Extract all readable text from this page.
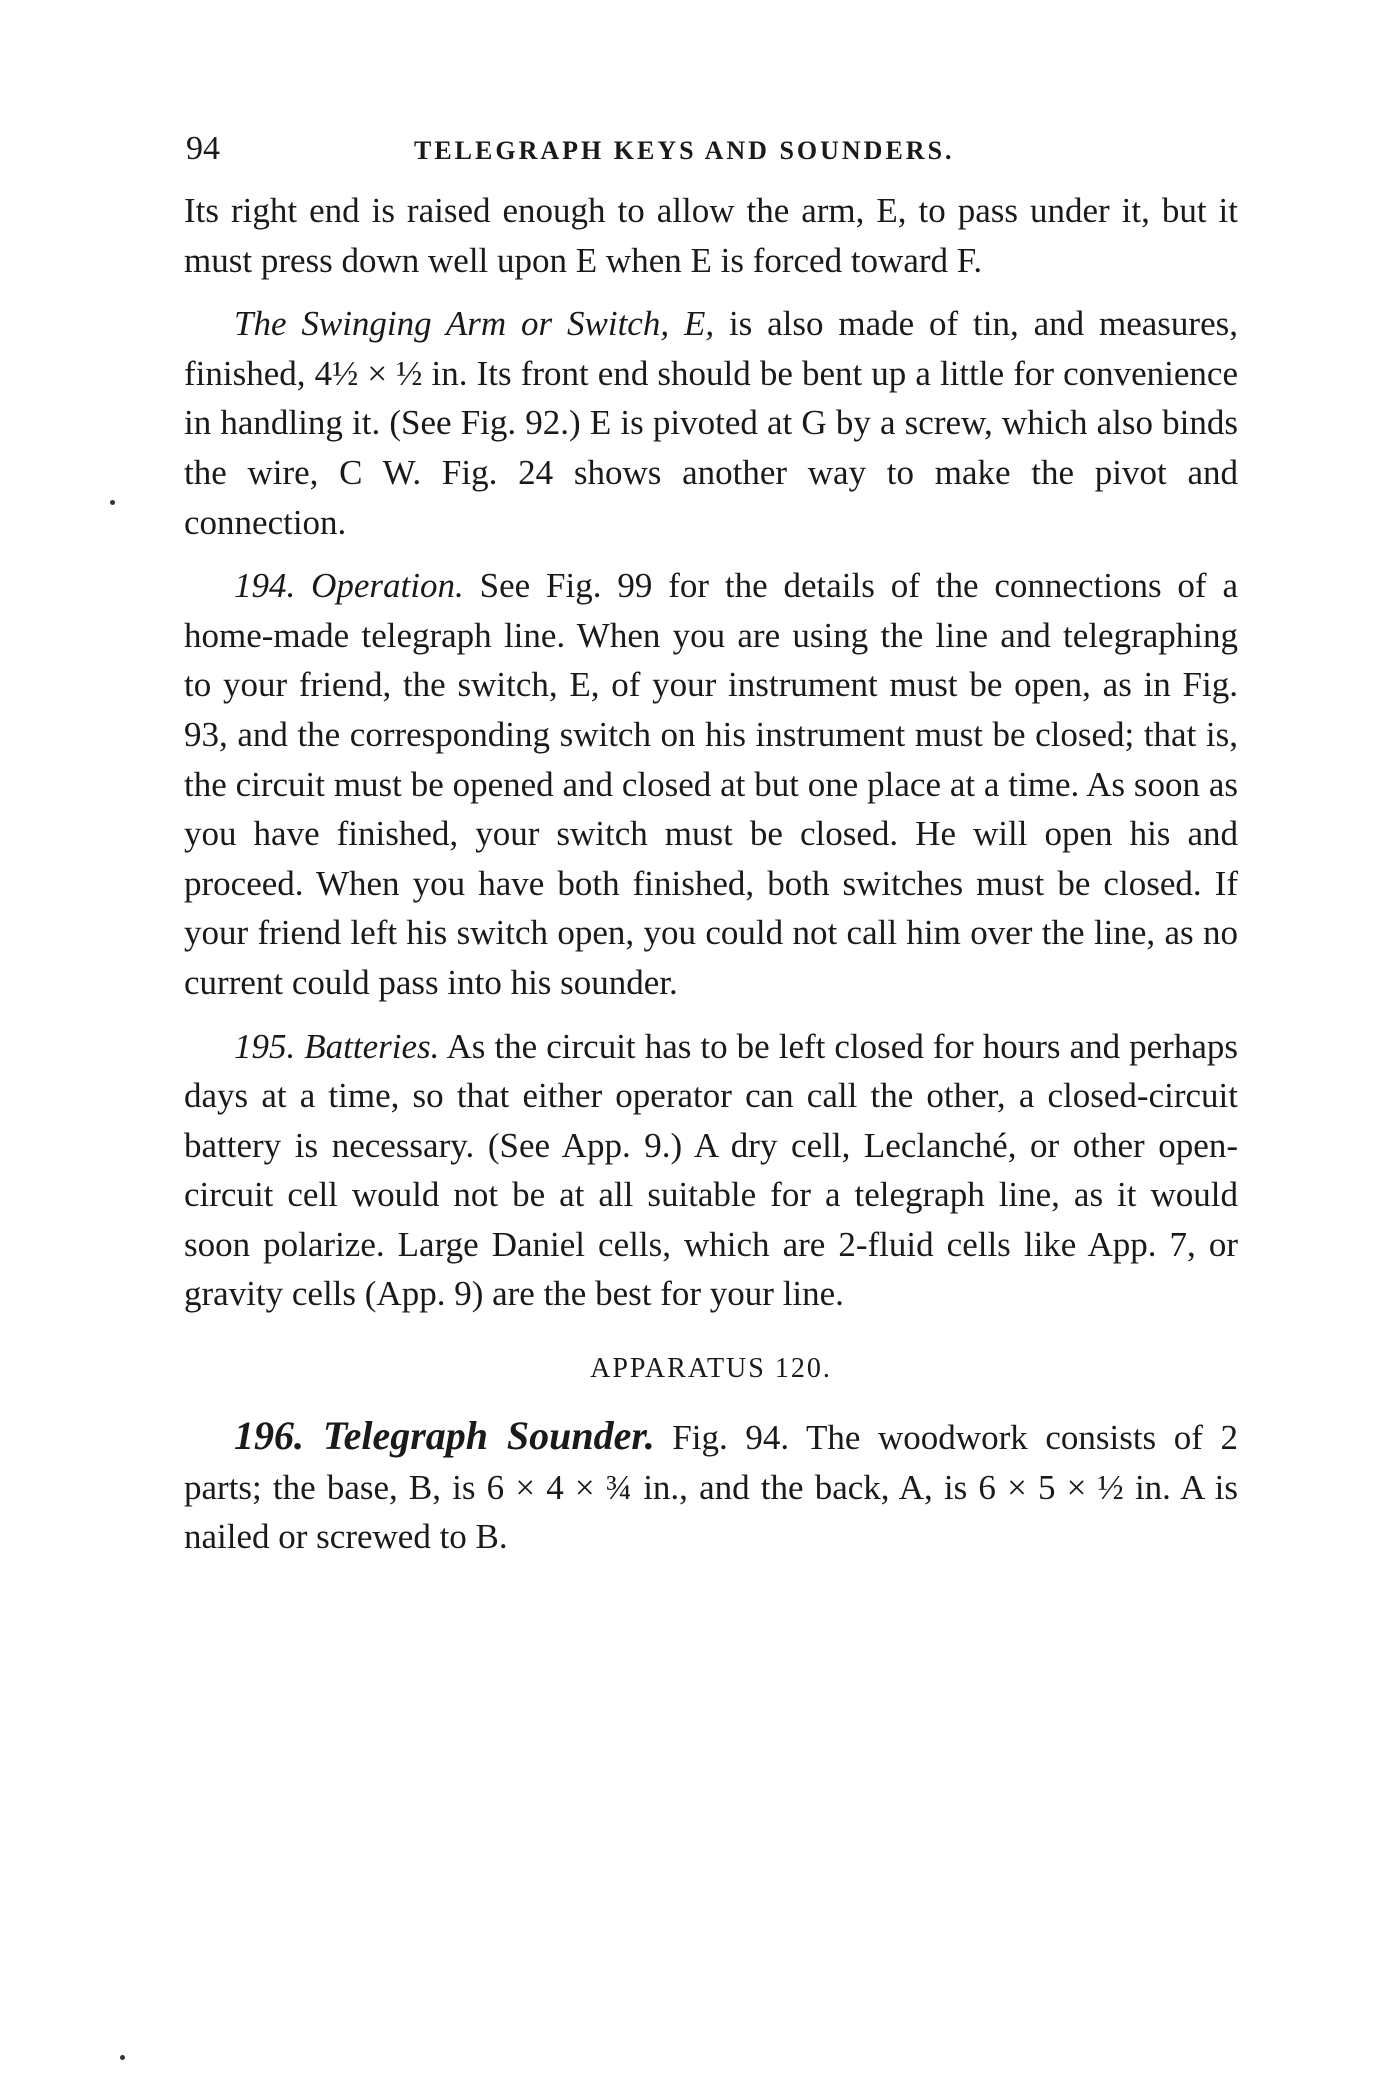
94	TELEGRAPH KEYS AND SOUNDERS.

Its right end is raised enough to allow the arm, E, to pass under it, but it must press down well upon E when E is forced toward F.

The Swinging Arm or Switch, E, is also made of tin, and measures, finished, 4½ × ½ in. Its front end should be bent up a little for convenience in handling it. (See Fig. 92.) E is pivoted at G by a screw, which also binds the wire, C W. Fig. 24 shows another way to make the pivot and connection.

194. Operation. See Fig. 99 for the details of the connections of a home-made telegraph line. When you are using the line and telegraphing to your friend, the switch, E, of your instrument must be open, as in Fig. 93, and the corresponding switch on his instrument must be closed; that is, the circuit must be opened and closed at but one place at a time. As soon as you have finished, your switch must be closed. He will open his and proceed. When you have both finished, both switches must be closed. If your friend left his switch open, you could not call him over the line, as no current could pass into his sounder.

195. Batteries. As the circuit has to be left closed for hours and perhaps days at a time, so that either operator can call the other, a closed-circuit battery is necessary. (See App. 9.) A dry cell, Leclanché, or other open-circuit cell would not be at all suitable for a telegraph line, as it would soon polarize. Large Daniel cells, which are 2-fluid cells like App. 7, or gravity cells (App. 9) are the best for your line.

APPARATUS 120.

196. Telegraph Sounder. Fig. 94. The woodwork consists of 2 parts; the base, B, is 6 × 4 × ¾ in., and the back, A, is 6 × 5 × ½ in. A is nailed or screwed to B.
